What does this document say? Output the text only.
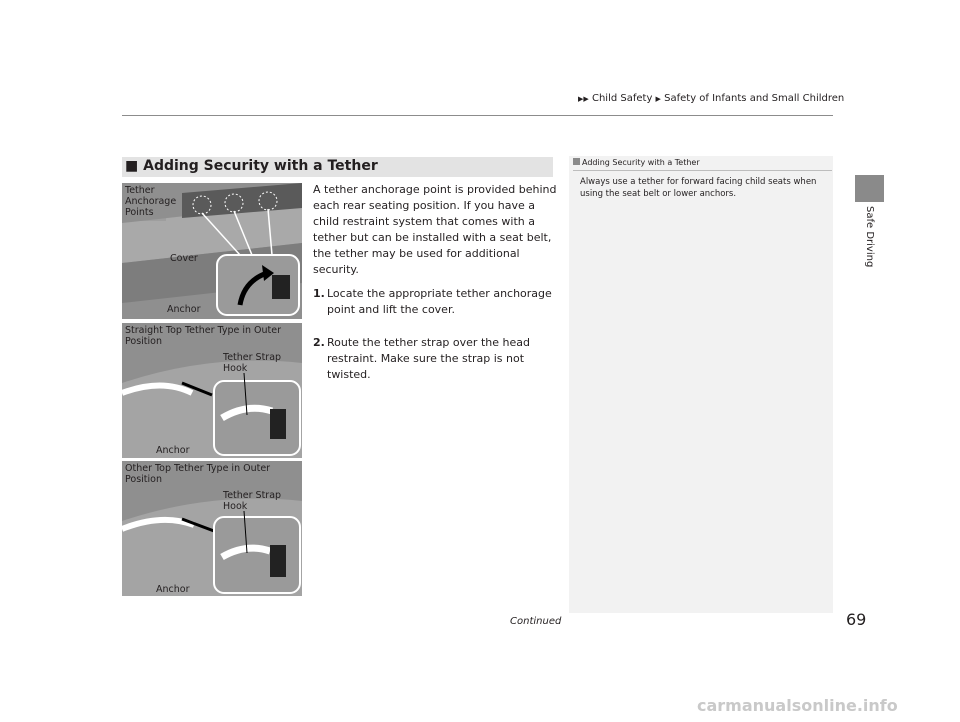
▶▶ Child Safety ▶ Safety of Infants and Small Children
Safe Driving
■ Adding Security with a Tether

A tether anchorage point is provided behind each rear seating position. If you have a child restraint system that comes with a tether but can be installed with a seat belt, the tether may be used for additional security.

1. Locate the appropriate tether anchorage point and lift the cover.
2. Route the tether strap over the head restraint. Make sure the strap is not twisted.
Tether
Anchorage
Points
Cover
Anchor
Straight Top Tether Type in Outer
Position
Tether Strap
Hook
Anchor
Other Top Tether Type in Outer
Position
Tether Strap
Hook
Anchor
Adding Security with a Tether
Always use a tether for forward facing child seats when using the seat belt or lower anchors.
Continued	69
carmanualsonline.info
